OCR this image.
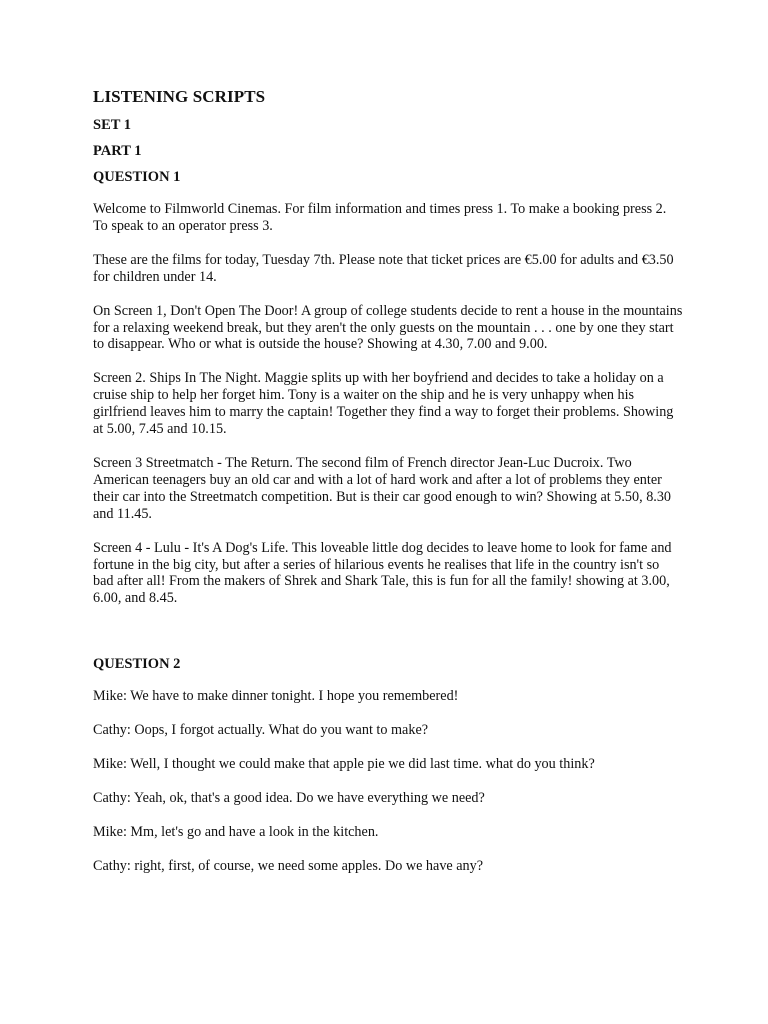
LISTENING SCRIPTS
SET 1
PART 1
QUESTION 1

Welcome to Filmworld Cinemas. For film information and times press 1. To make a booking press 2. To speak to an operator press 3.

These are the films for today, Tuesday 7th. Please note that ticket prices are €5.00 for adults and €3.50 for children under 14.

On Screen 1, Don't Open The Door! A group of college students decide to rent a house in the mountains for a relaxing weekend break, but they aren't the only guests on the mountain . . . one by one they start to disappear. Who or what is outside the house? Showing at 4.30, 7.00 and 9.00.

Screen 2. Ships In The Night. Maggie splits up with her boyfriend and decides to take a holiday on a cruise ship to help her forget him. Tony is a waiter on the ship and he is very unhappy when his girlfriend leaves him to marry the captain! Together they find a way to forget their problems. Showing at 5.00, 7.45 and 10.15.

Screen 3 Streetmatch - The Return. The second film of French director Jean-Luc Ducroix. Two American teenagers buy an old car and with a lot of hard work and after a lot of problems they enter their car into the Streetmatch competition. But is their car good enough to win? Showing at 5.50, 8.30 and 11.45.

Screen 4 - Lulu - It's A Dog's Life. This loveable little dog decides to leave home to look for fame and fortune in the big city, but after a series of hilarious events he realises that life in the country isn't so bad after all! From the makers of Shrek and Shark Tale, this is fun for all the family! showing at 3.00, 6.00, and 8.45.

QUESTION 2

Mike: We have to make dinner tonight. I hope you remembered!

Cathy: Oops, I forgot actually. What do you want to make?

Mike: Well, I thought we could make that apple pie we did last time. what do you think?

Cathy: Yeah, ok, that's a good idea. Do we have everything we need?

Mike: Mm, let's go and have a look in the kitchen.

Cathy: right, first, of course, we need some apples. Do we have any?
